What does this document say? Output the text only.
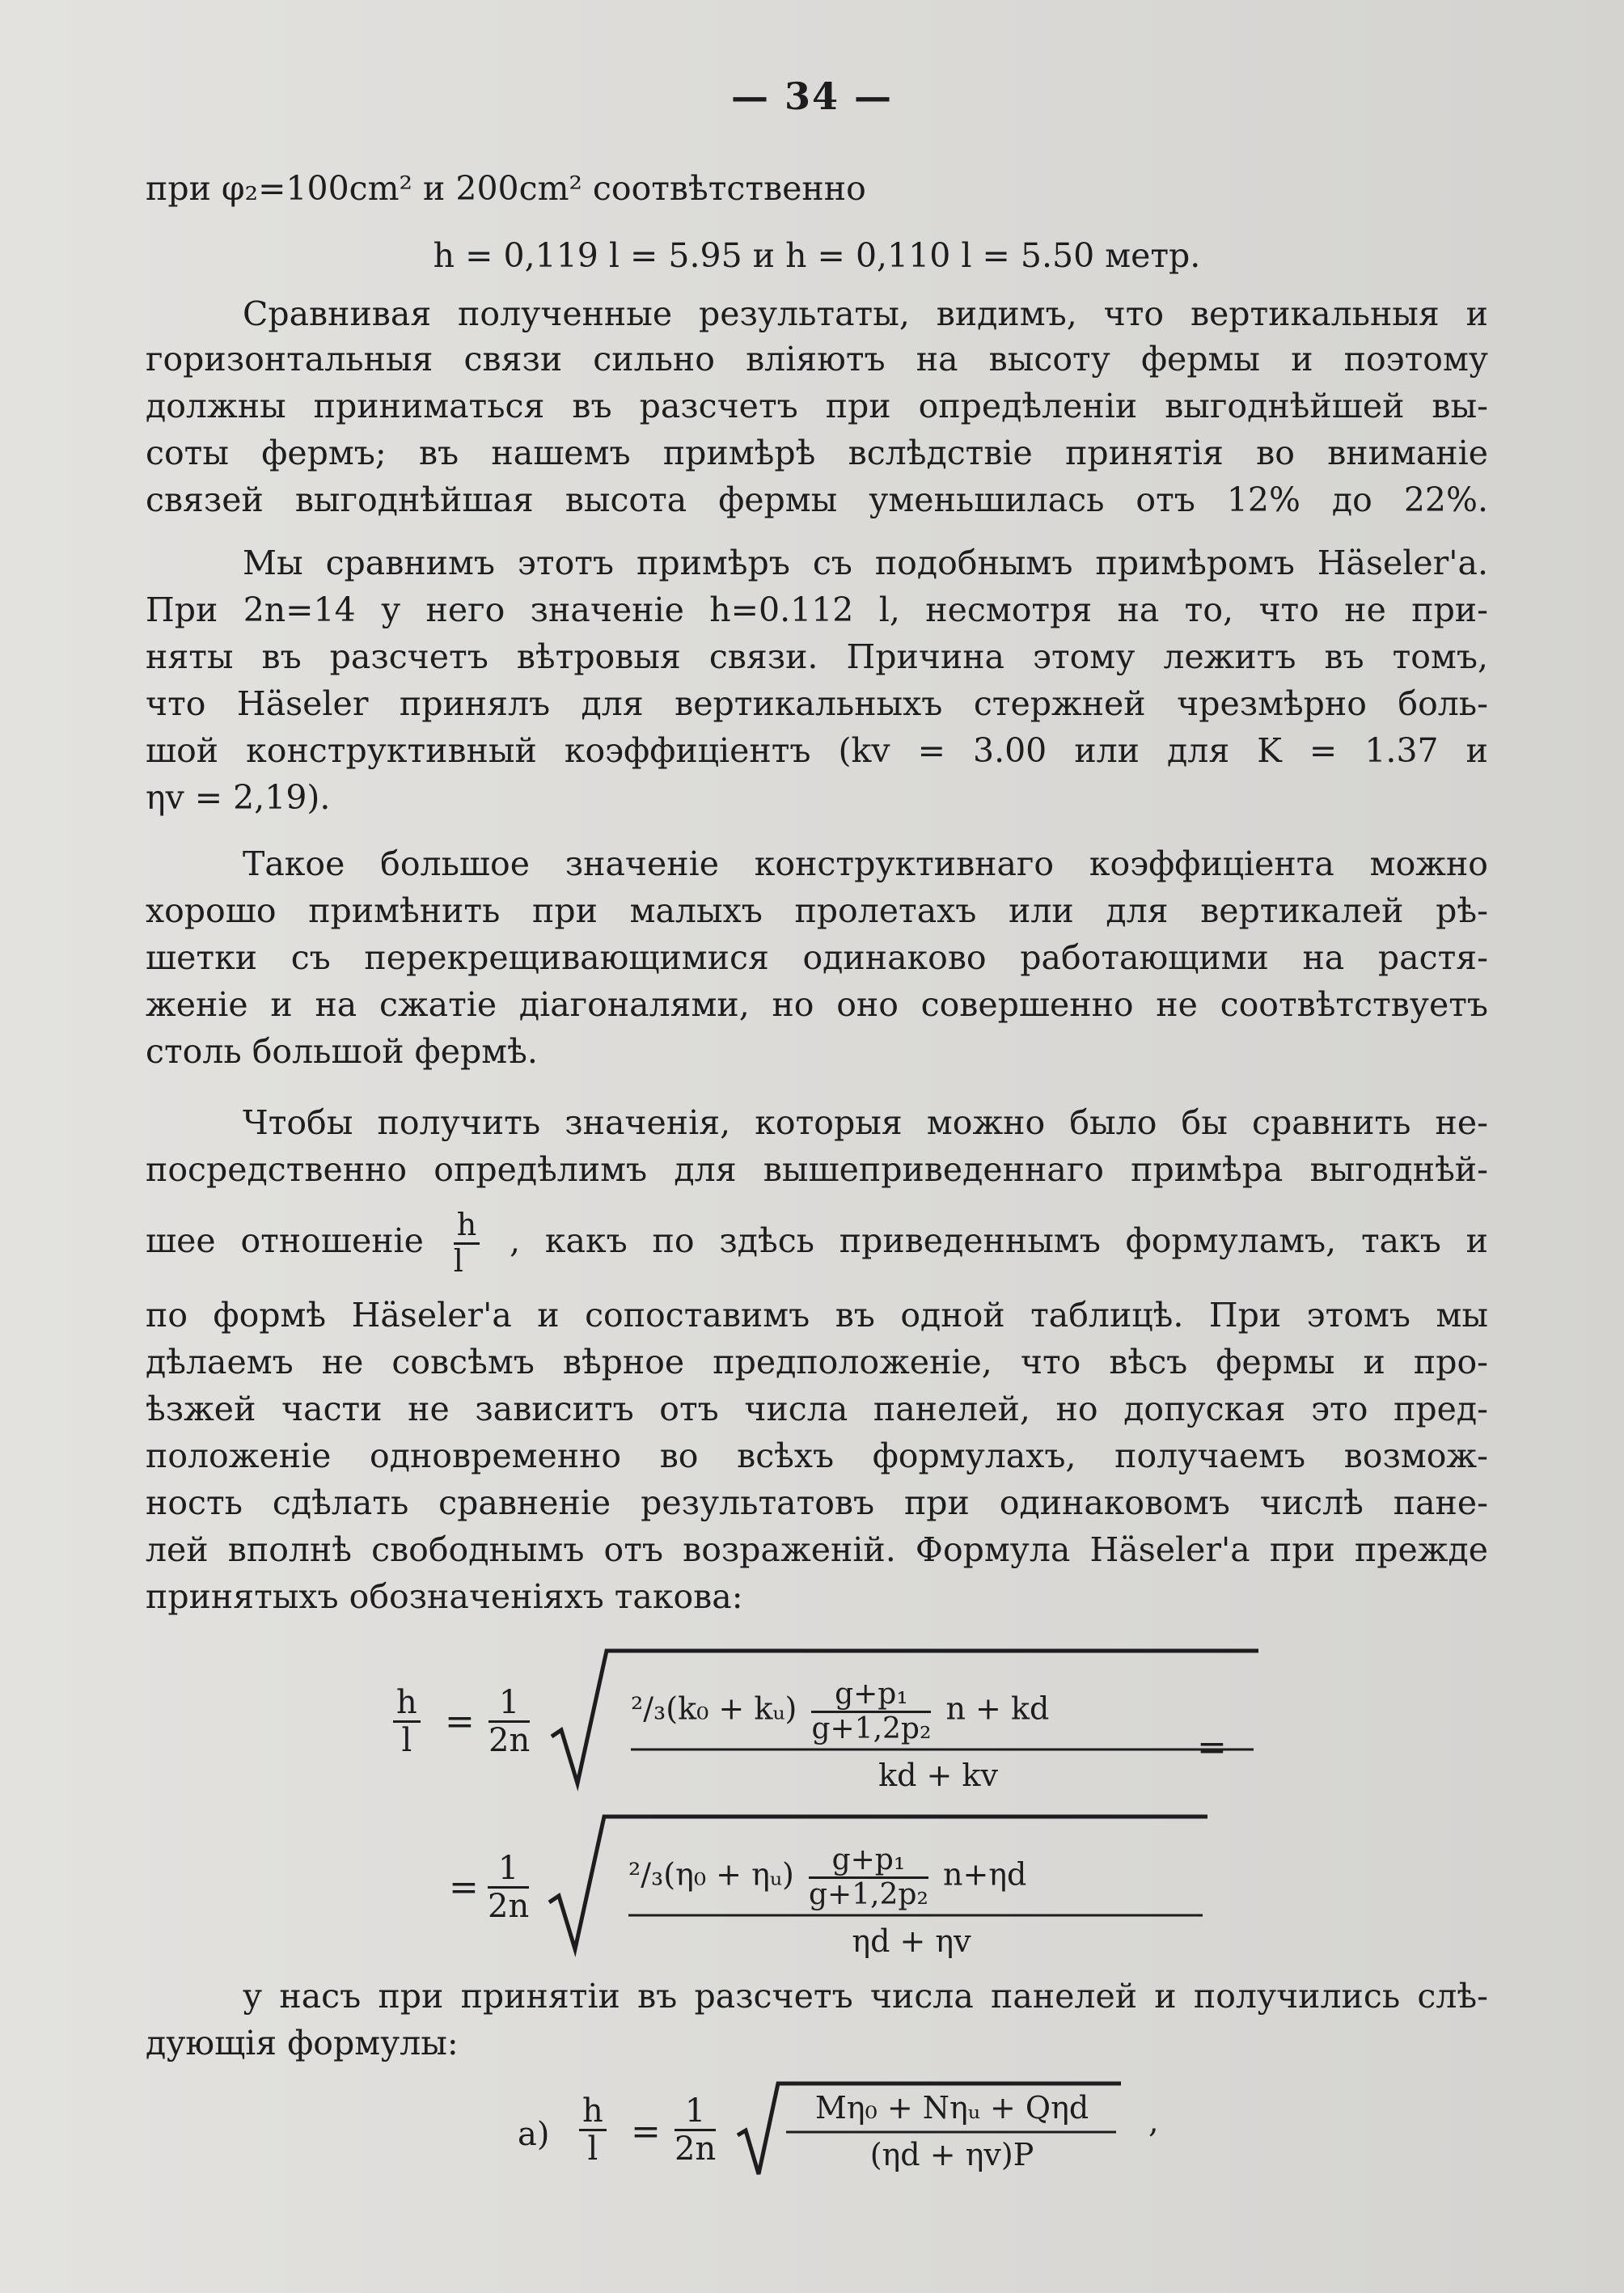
— 34 —
при φ₂=100cm² и 200cm² соотвѣтственно
h = 0,119 l = 5.95 и h = 0,110 l = 5.50 метр.
Сравнивая полученные результаты, видимъ, что вертикальныя и
горизонтальныя связи сильно вліяютъ на высоту фермы и поэтому
должны приниматься въ разсчетъ при опредѣленіи выгоднѣйшей вы-
соты фермъ; въ нашемъ примѣрѣ вслѣдствіе принятія во вниманіе
связей выгоднѣйшая высота фермы уменьшилась отъ 12% до 22%.
Мы сравнимъ этотъ примѣръ съ подобнымъ примѣромъ Häseler'a.
При 2n=14 у него значеніе h=0.112 l, несмотря на то, что не при-
няты въ разсчетъ вѣтровыя связи. Причина этому лежитъ въ томъ,
что Häseler принялъ для вертикальныхъ стержней чрезмѣрно боль-
шой конструктивный коэффиціентъ (kv = 3.00 или для K = 1.37 и
ηv = 2,19).
Такое большое значеніе конструктивнаго коэффиціента можно
хорошо примѣнить при малыхъ пролетахъ или для вертикалей рѣ-
шетки съ перекрещивающимися одинаково работающими на растя-
женіе и на сжатіе діагоналями, но оно совершенно не соотвѣтствуетъ
столь большой фермѣ.
Чтобы получить значенія, которыя можно было бы сравнить не-
посредственно опредѣлимъ для вышеприведеннаго примѣра выгоднѣй-
шее отношеніе $\frac{h}{l}$ , какъ по здѣсь приведеннымъ формуламъ, такъ и
по формѣ Häseler'a и сопоставимъ въ одной таблицѣ. При этомъ мы
дѣлаемъ не совсѣмъ вѣрное предположеніе, что вѣсъ фермы и про-
ѣзжей части не зависитъ отъ числа панелей, но допуская это пред-
положеніе одновременно во всѣхъ формулахъ, получаемъ возмож-
ность сдѣлать сравненіе результатовъ при одинаковомъ числѣ пане-
лей вполнѣ свободнымъ отъ возраженій. Формула Häseler'a при прежде
принятыхъ обозначеніяхъ такова:
$\frac{h}{l} = \frac{1}{2n}$	²/₃(k₀ + kᵤ) $\frac{\text{g+p₁}}{\text{g+1,2p₂}}$ n + kd
kd + kv
=
= $\frac{1}{2n}$	²/₃(η₀ + ηᵤ) $\frac{\text{g+p₁}}{\text{g+1,2p₂}} n+\eta d$
ηd + ηv
у насъ при принятіи въ разсчетъ числа панелей и получились слѣ-
дующія формулы:
$a) \frac{h}{l} = \frac{1}{2n}$	Mη₀ + Nηᵤ + Qηd
(ηd + ηv)P
,
